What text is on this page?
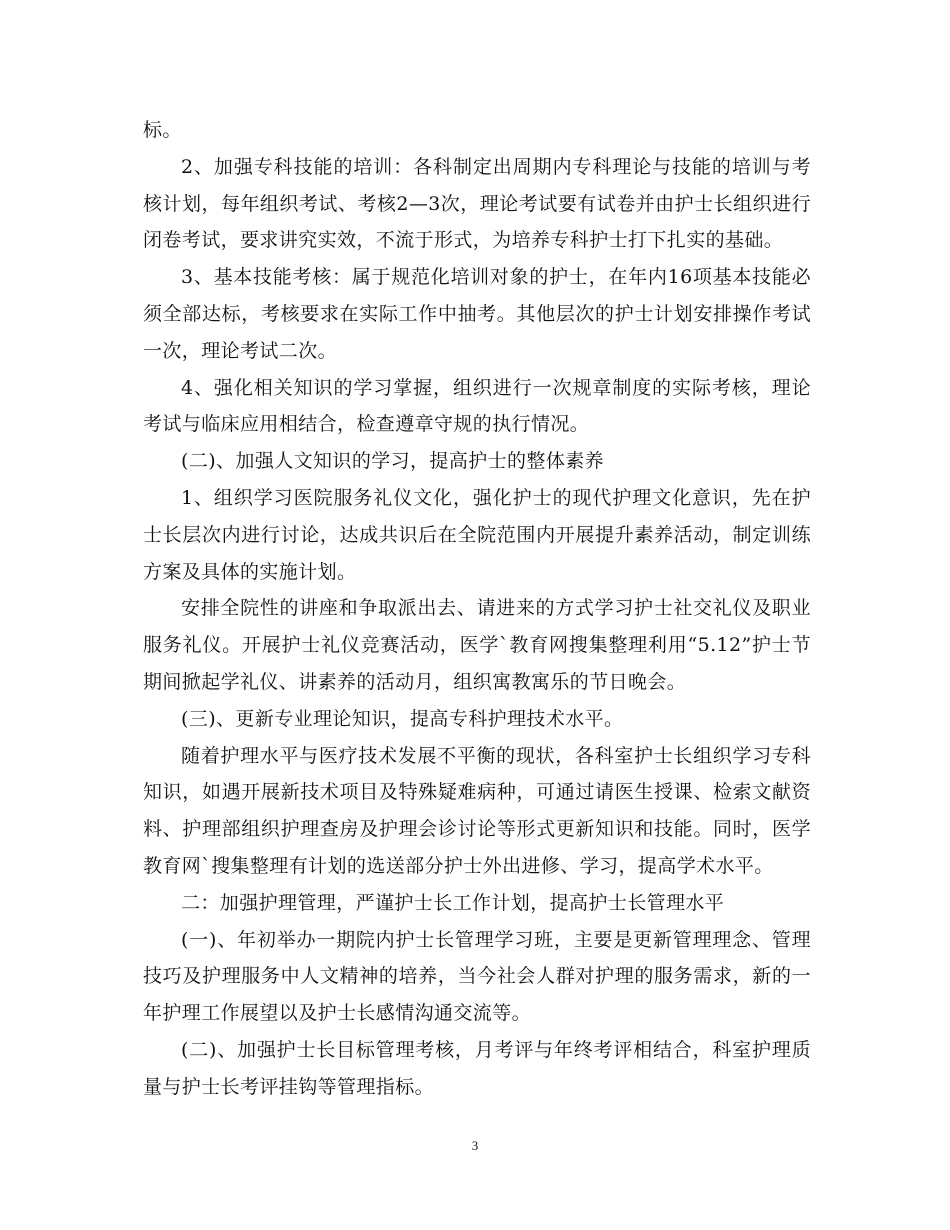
标。

2、加强专科技能的培训：各科制定出周期内专科理论与技能的培训与考核计划，每年组织考试、考核2—3次，理论考试要有试卷并由护士长组织进行闭卷考试，要求讲究实效，不流于形式，为培养专科护士打下扎实的基础。

3、基本技能考核：属于规范化培训对象的护士，在年内16项基本技能必须全部达标，考核要求在实际工作中抽考。其他层次的护士计划安排操作考试一次，理论考试二次。

4、强化相关知识的学习掌握，组织进行一次规章制度的实际考核，理论考试与临床应用相结合，检查遵章守规的执行情况。

(二)、加强人文知识的学习，提高护士的整体素养

1、组织学习医院服务礼仪文化，强化护士的现代护理文化意识，先在护士长层次内进行讨论，达成共识后在全院范围内开展提升素养活动，制定训练方案及具体的实施计划。

安排全院性的讲座和争取派出去、请进来的方式学习护士社交礼仪及职业服务礼仪。开展护士礼仪竞赛活动，医学`教育网搜集整理利用“5.12”护士节期间掀起学礼仪、讲素养的活动月，组织寓教寓乐的节日晚会。

(三)、更新专业理论知识，提高专科护理技术水平。

随着护理水平与医疗技术发展不平衡的现状，各科室护士长组织学习专科知识，如遇开展新技术项目及特殊疑难病种，可通过请医生授课、检索文献资料、护理部组织护理查房及护理会诊讨论等形式更新知识和技能。同时，医学教育网`搜集整理有计划的选送部分护士外出进修、学习，提高学术水平。

二：加强护理管理，严谨护士长工作计划，提高护士长管理水平

(一)、年初举办一期院内护士长管理学习班，主要是更新管理理念、管理技巧及护理服务中人文精神的培养，当今社会人群对护理的服务需求，新的一年护理工作展望以及护士长感情沟通交流等。

(二)、加强护士长目标管理考核，月考评与年终考评相结合，科室护理质量与护士长考评挂钩等管理指标。

3
